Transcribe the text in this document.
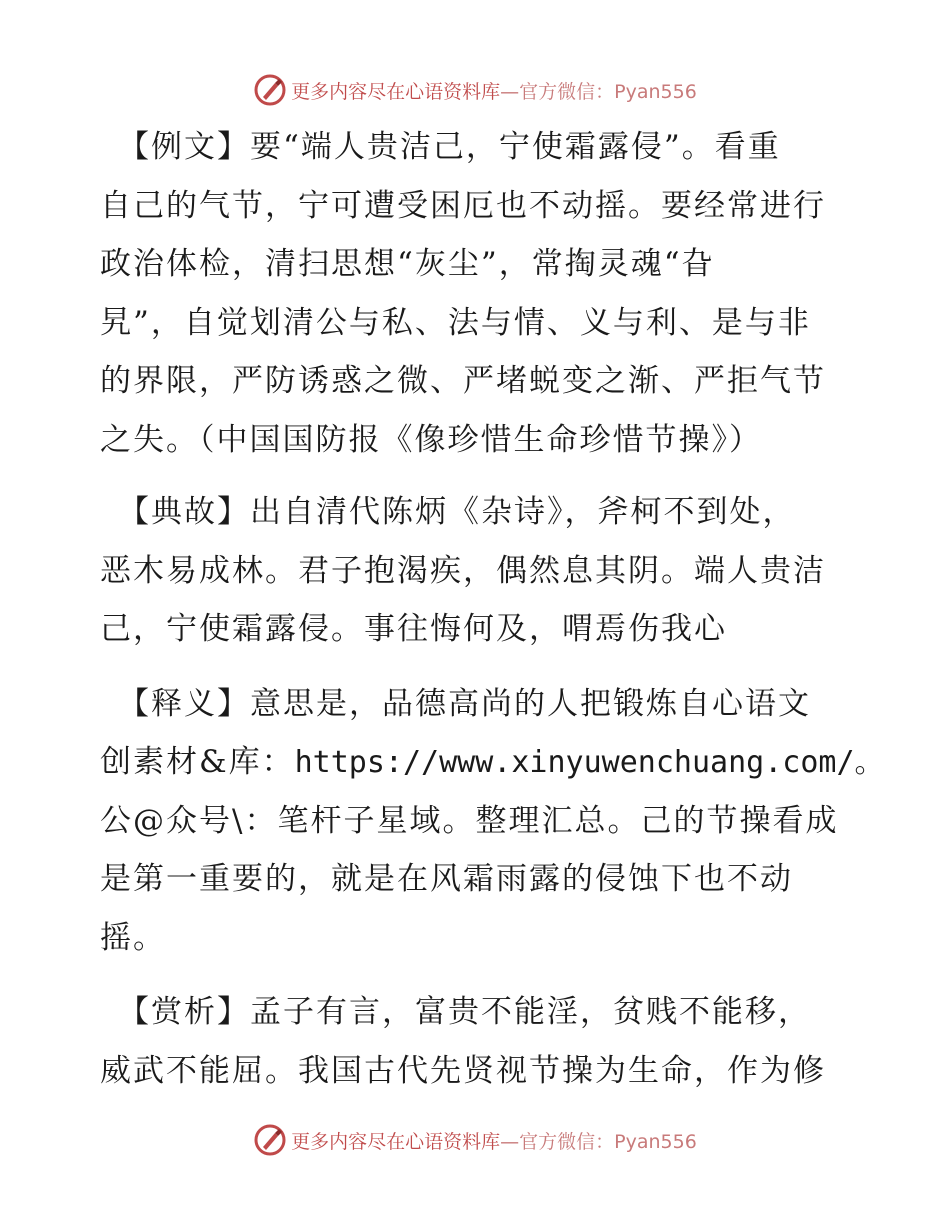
更多内容尽在心语资料库—官方微信：Pyan556

【例文】要“端人贵洁己，宁使霜露侵”。看重
自己的气节，宁可遭受困厄也不动摇。要经常进行
政治体检，清扫思想“灰尘”，常掏灵魂“旮
旯”，自觉划清公与私、法与情、义与利、是与非
的界限，严防诱惑之微、严堵蜕变之渐、严拒气节
之失。（中国国防报《像珍惜生命珍惜节操》）

【典故】出自清代陈炳《杂诗》，斧柯不到处，
恶木易成林。君子抱渴疾，偶然息其阴。端人贵洁
己，宁使霜露侵。事往悔何及，喟焉伤我心

【释义】意思是，品德高尚的人把锻炼自心语文
创素材&库：https://www.xinyuwenchuang.com/。
公@众号\：笔杆子星域。整理汇总。己的节操看成
是第一重要的，就是在风霜雨露的侵蚀下也不动
摇。

【赏析】孟子有言，富贵不能淫，贫贱不能移，
威武不能屈。我国古代先贤视节操为生命，作为修

更多内容尽在心语资料库—官方微信：Pyan556
